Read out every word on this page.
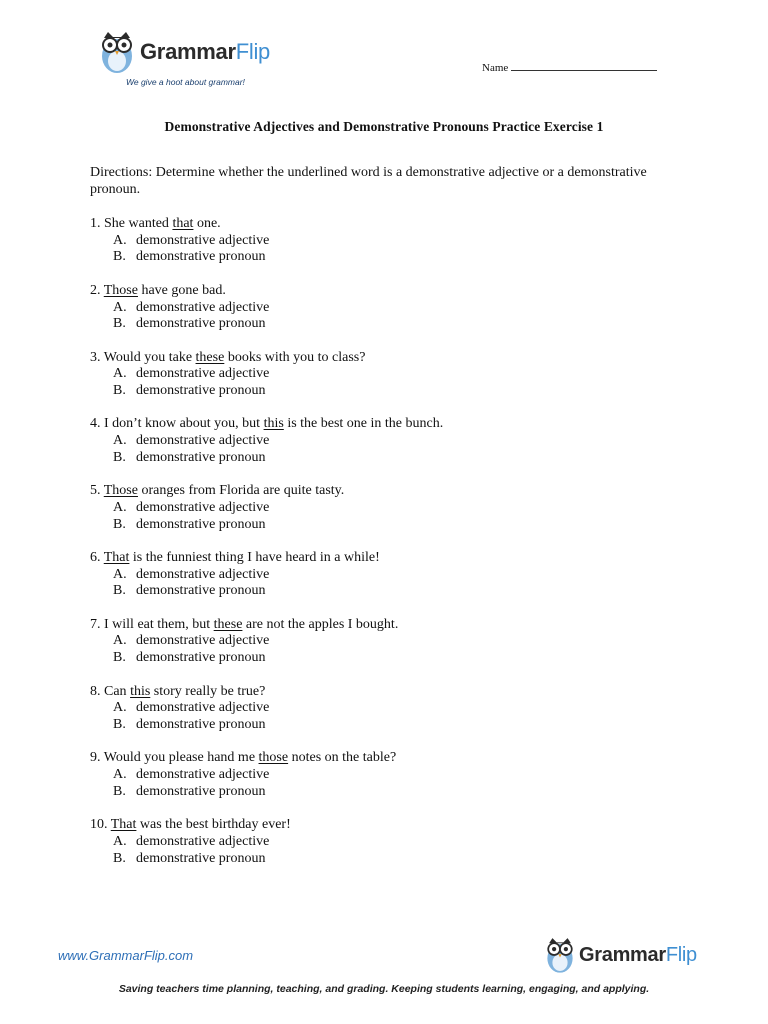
GrammarFlip
We give a hoot about grammar!
Name
Demonstrative Adjectives and Demonstrative Pronouns Practice Exercise 1
Directions: Determine whether the underlined word is a demonstrative adjective or a demonstrative pronoun.
1. She wanted that one.
A. demonstrative adjective
B. demonstrative pronoun
2. Those have gone bad.
A. demonstrative adjective
B. demonstrative pronoun
3. Would you take these books with you to class?
A. demonstrative adjective
B. demonstrative pronoun
4. I don’t know about you, but this is the best one in the bunch.
A. demonstrative adjective
B. demonstrative pronoun
5. Those oranges from Florida are quite tasty.
A. demonstrative adjective
B. demonstrative pronoun
6. That is the funniest thing I have heard in a while!
A. demonstrative adjective
B. demonstrative pronoun
7. I will eat them, but these are not the apples I bought.
A. demonstrative adjective
B. demonstrative pronoun
8. Can this story really be true?
A. demonstrative adjective
B. demonstrative pronoun
9. Would you please hand me those notes on the table?
A. demonstrative adjective
B. demonstrative pronoun
10. That was the best birthday ever!
A. demonstrative adjective
B. demonstrative pronoun
www.GrammarFlip.com	GrammarFlip
Saving teachers time planning, teaching, and grading. Keeping students learning, engaging, and applying.
